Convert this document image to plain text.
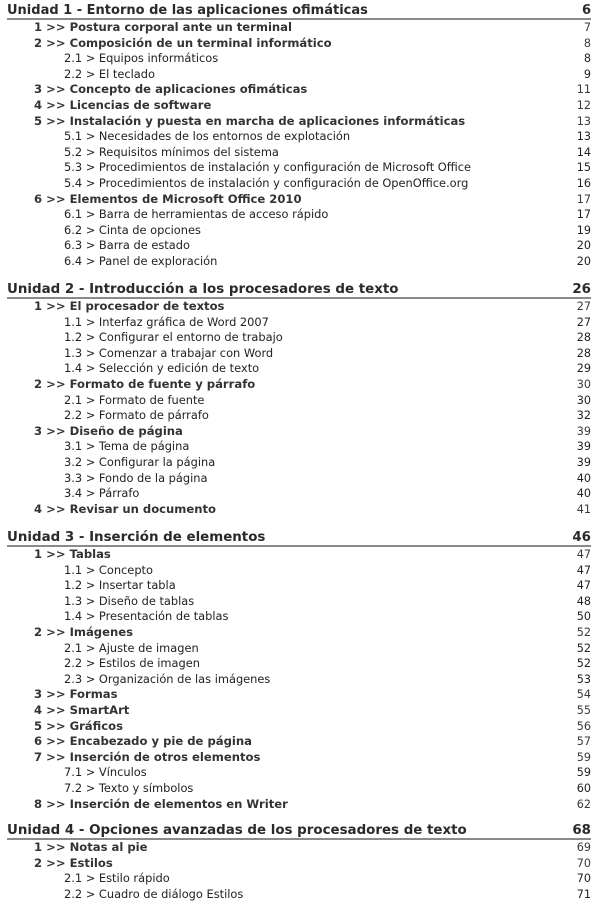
Unidad 1 - Entorno de las aplicaciones ofimáticas	6
1 >> Postura corporal ante un terminal	7
2 >> Composición de un terminal informático	8
2.1 > Equipos informáticos	8
2.2 > El teclado	9
3 >> Concepto de aplicaciones ofimáticas	11
4 >> Licencias de software	12
5 >> Instalación y puesta en marcha de aplicaciones informáticas	13
5.1 > Necesidades de los entornos de explotación	13
5.2 > Requisitos mínimos del sistema	14
5.3 > Procedimientos de instalación y configuración de Microsoft Office	15
5.4 > Procedimientos de instalación y configuración de OpenOffice.org	16
6 >> Elementos de Microsoft Office 2010	17
6.1 > Barra de herramientas de acceso rápido	17
6.2 > Cinta de opciones	19
6.3 > Barra de estado	20
6.4 > Panel de exploración	20
Unidad 2 - Introducción a los procesadores de texto	26
1 >> El procesador de textos	27
1.1 > Interfaz gráfica de Word 2007	27
1.2 > Configurar el entorno de trabajo	28
1.3 > Comenzar a trabajar con Word	28
1.4 > Selección y edición de texto	29
2 >> Formato de fuente y párrafo	30
2.1 > Formato de fuente	30
2.2 > Formato de párrafo	32
3 >> Diseño de página	39
3.1 > Tema de página	39
3.2 > Configurar la página	39
3.3 > Fondo de la página	40
3.4 > Párrafo	40
4 >> Revisar un documento	41
Unidad 3 - Inserción de elementos	46
1 >> Tablas	47
1.1 > Concepto	47
1.2 > Insertar tabla	47
1.3 > Diseño de tablas	48
1.4 > Presentación de tablas	50
2 >> Imágenes	52
2.1 > Ajuste de imagen	52
2.2 > Estilos de imagen	52
2.3 > Organización de las imágenes	53
3 >> Formas	54
4 >> SmartArt	55
5 >> Gráficos	56
6 >> Encabezado y pie de página	57
7 >> Inserción de otros elementos	59
7.1 > Vínculos	59
7.2 > Texto y símbolos	60
8 >> Inserción de elementos en Writer	62
Unidad 4 - Opciones avanzadas de los procesadores de texto	68
1 >> Notas al pie	69
2 >> Estilos	70
2.1 > Estilo rápido	70
2.2 > Cuadro de diálogo Estilos	71
